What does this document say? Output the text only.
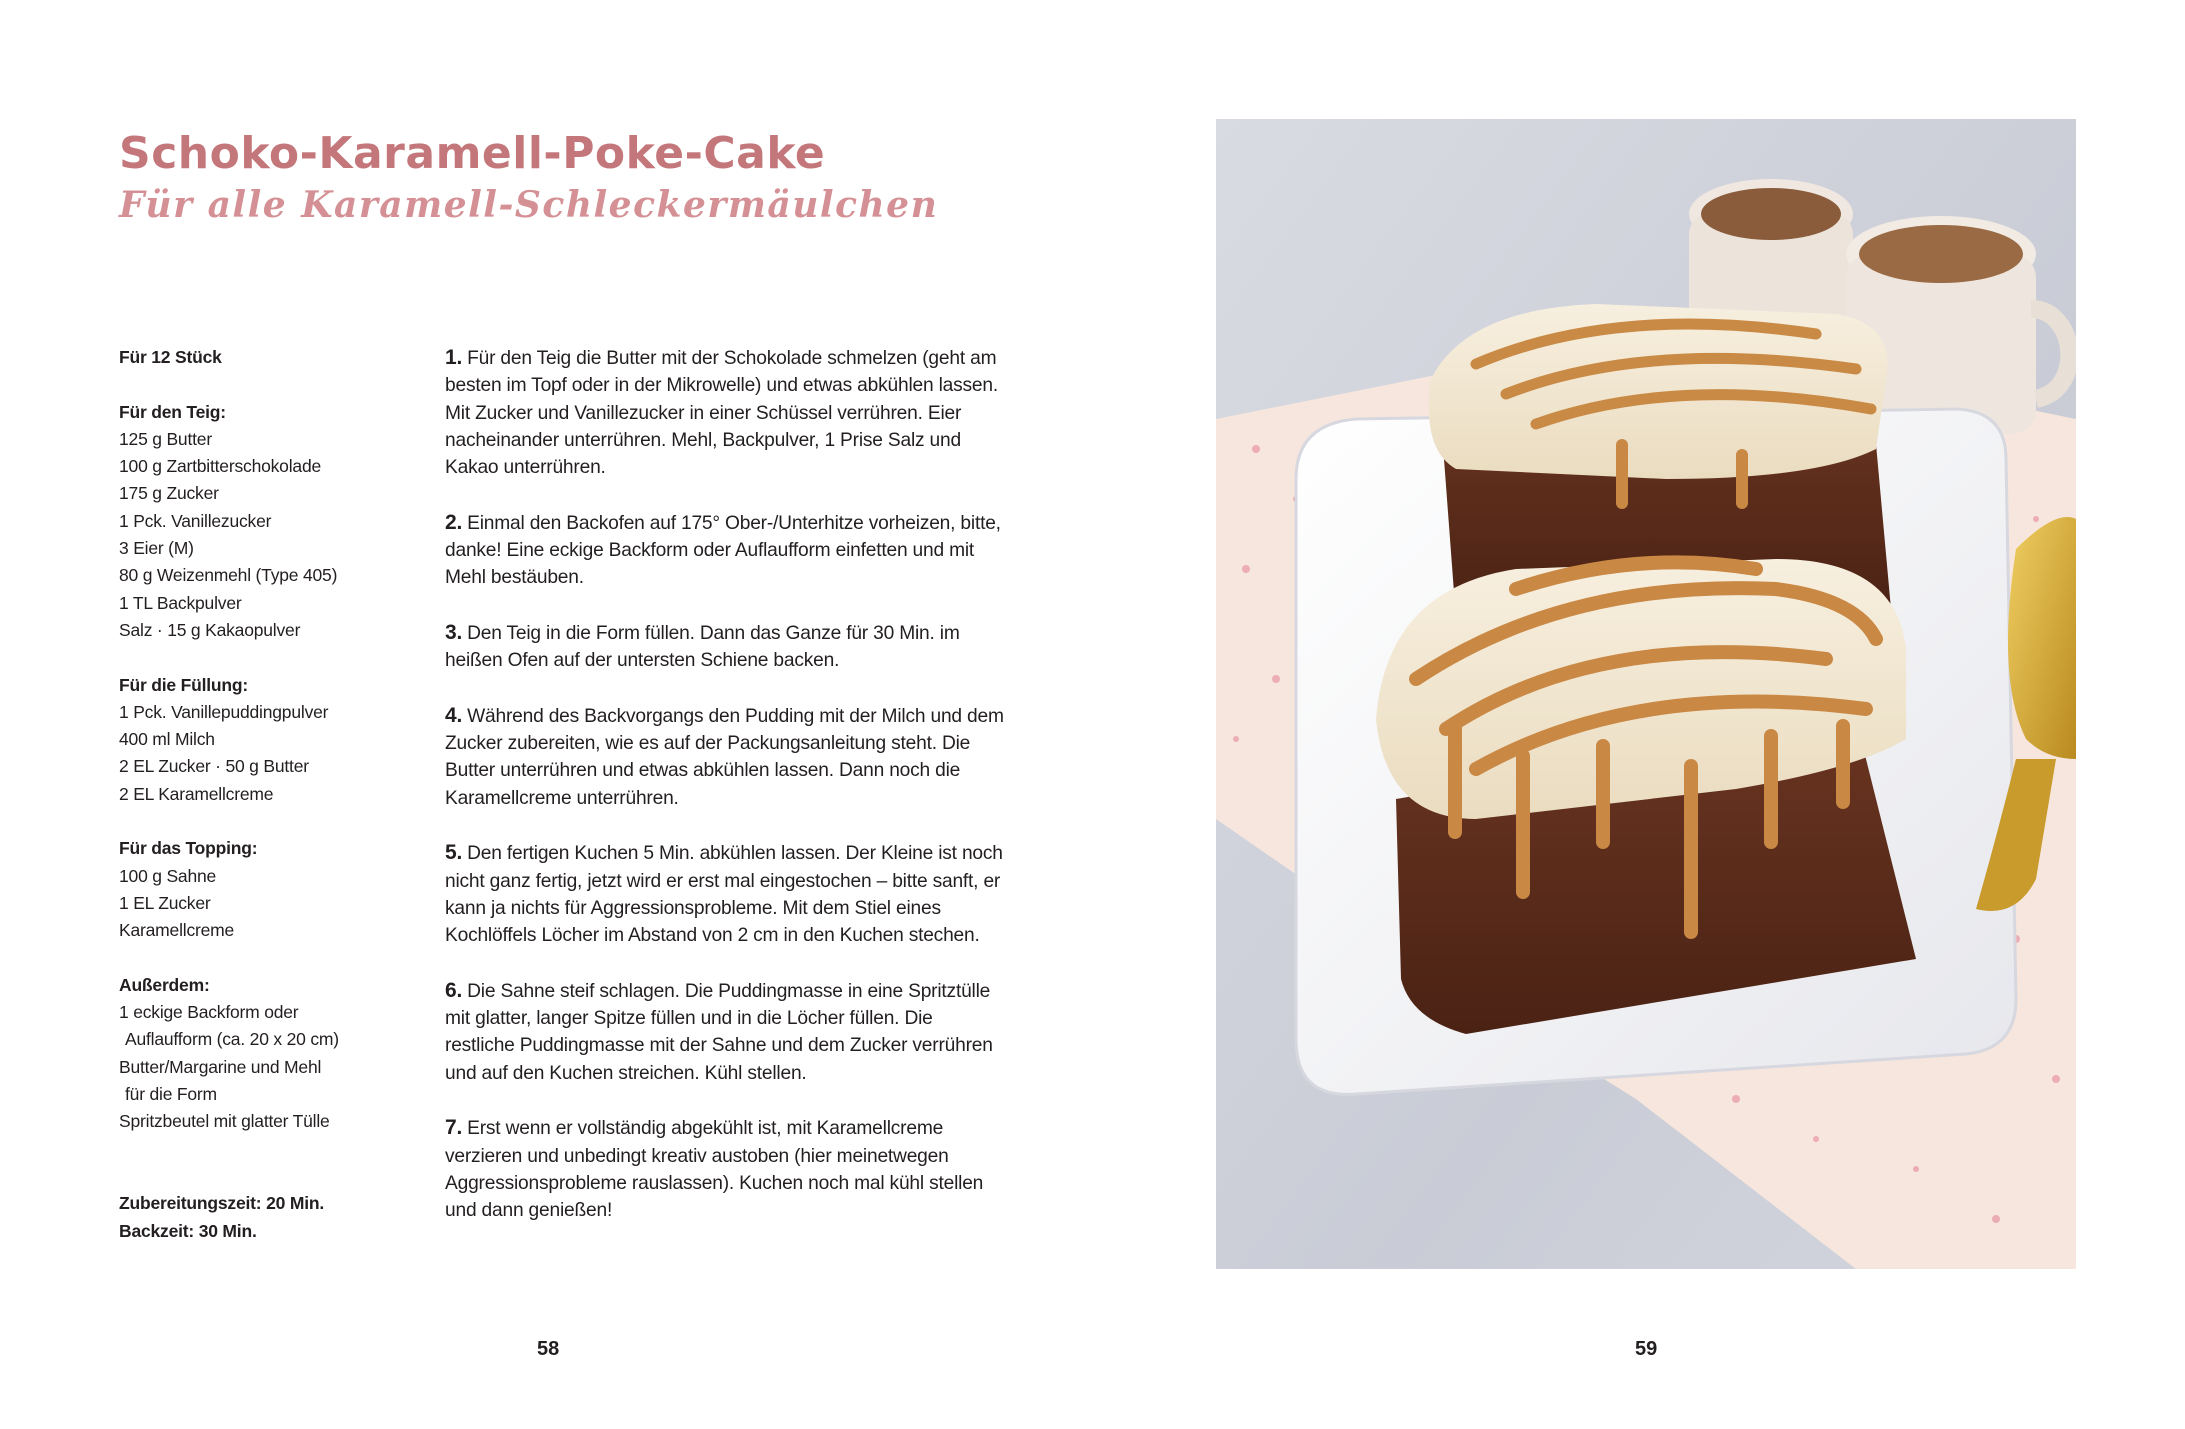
Schoko-Karamell-Poke-Cake
Für alle Karamell-Schleckermäulchen
Für 12 Stück
Für den Teig:
125 g Butter
100 g Zartbitterschokolade
175 g Zucker
1 Pck. Vanillezucker
3 Eier (M)
80 g Weizenmehl (Type 405)
1 TL Backpulver
Salz · 15 g Kakaopulver
Für die Füllung:
1 Pck. Vanillepuddingpulver
400 ml Milch
2 EL Zucker · 50 g Butter
2 EL Karamellcreme
Für das Topping:
100 g Sahne
1 EL Zucker
Karamellcreme
Außerdem:
1 eckige Backform oder
Auflaufform (ca. 20 x 20 cm)
Butter/Margarine und Mehl
für die Form
Spritzbeutel mit glatter Tülle
Zubereitungszeit: 20 Min.
Backzeit: 30 Min.

1. Für den Teig die Butter mit der Schokolade schmelzen (geht am besten im Topf oder in der Mikrowelle) und etwas abkühlen lassen. Mit Zucker und Vanillezucker in einer Schüssel verrühren. Eier nacheinander unterrühren. Mehl, Backpulver, 1 Prise Salz und Kakao unterrühren.

2. Einmal den Backofen auf 175° Ober-/Unterhitze vorheizen, bitte, danke! Eine eckige Backform oder Auflaufform einfetten und mit Mehl bestäuben.

3. Den Teig in die Form füllen. Dann das Ganze für 30 Min. im heißen Ofen auf der untersten Schiene backen.

4. Während des Backvorgangs den Pudding mit der Milch und dem Zucker zubereiten, wie es auf der Packungsanleitung steht. Die Butter unterrühren und etwas abkühlen lassen. Dann noch die Karamellcreme unterrühren.

5. Den fertigen Kuchen 5 Min. abkühlen lassen. Der Kleine ist noch nicht ganz fertig, jetzt wird er erst mal eingestochen – bitte sanft, er kann ja nichts für Aggressionsprobleme. Mit dem Stiel eines Kochlöffels Löcher im Abstand von 2 cm in den Kuchen stechen.

6. Die Sahne steif schlagen. Die Puddingmasse in eine Spritztülle mit glatter, langer Spitze füllen und in die Löcher füllen. Die restliche Puddingmasse mit der Sahne und dem Zucker verrühren und auf den Kuchen streichen. Kühl stellen.

7. Erst wenn er vollständig abgekühlt ist, mit Karamellcreme verzieren und unbedingt kreativ austoben (hier meinetwegen Aggressionsprobleme rauslassen). Kuchen noch mal kühl stellen und dann genießen!

58	59
